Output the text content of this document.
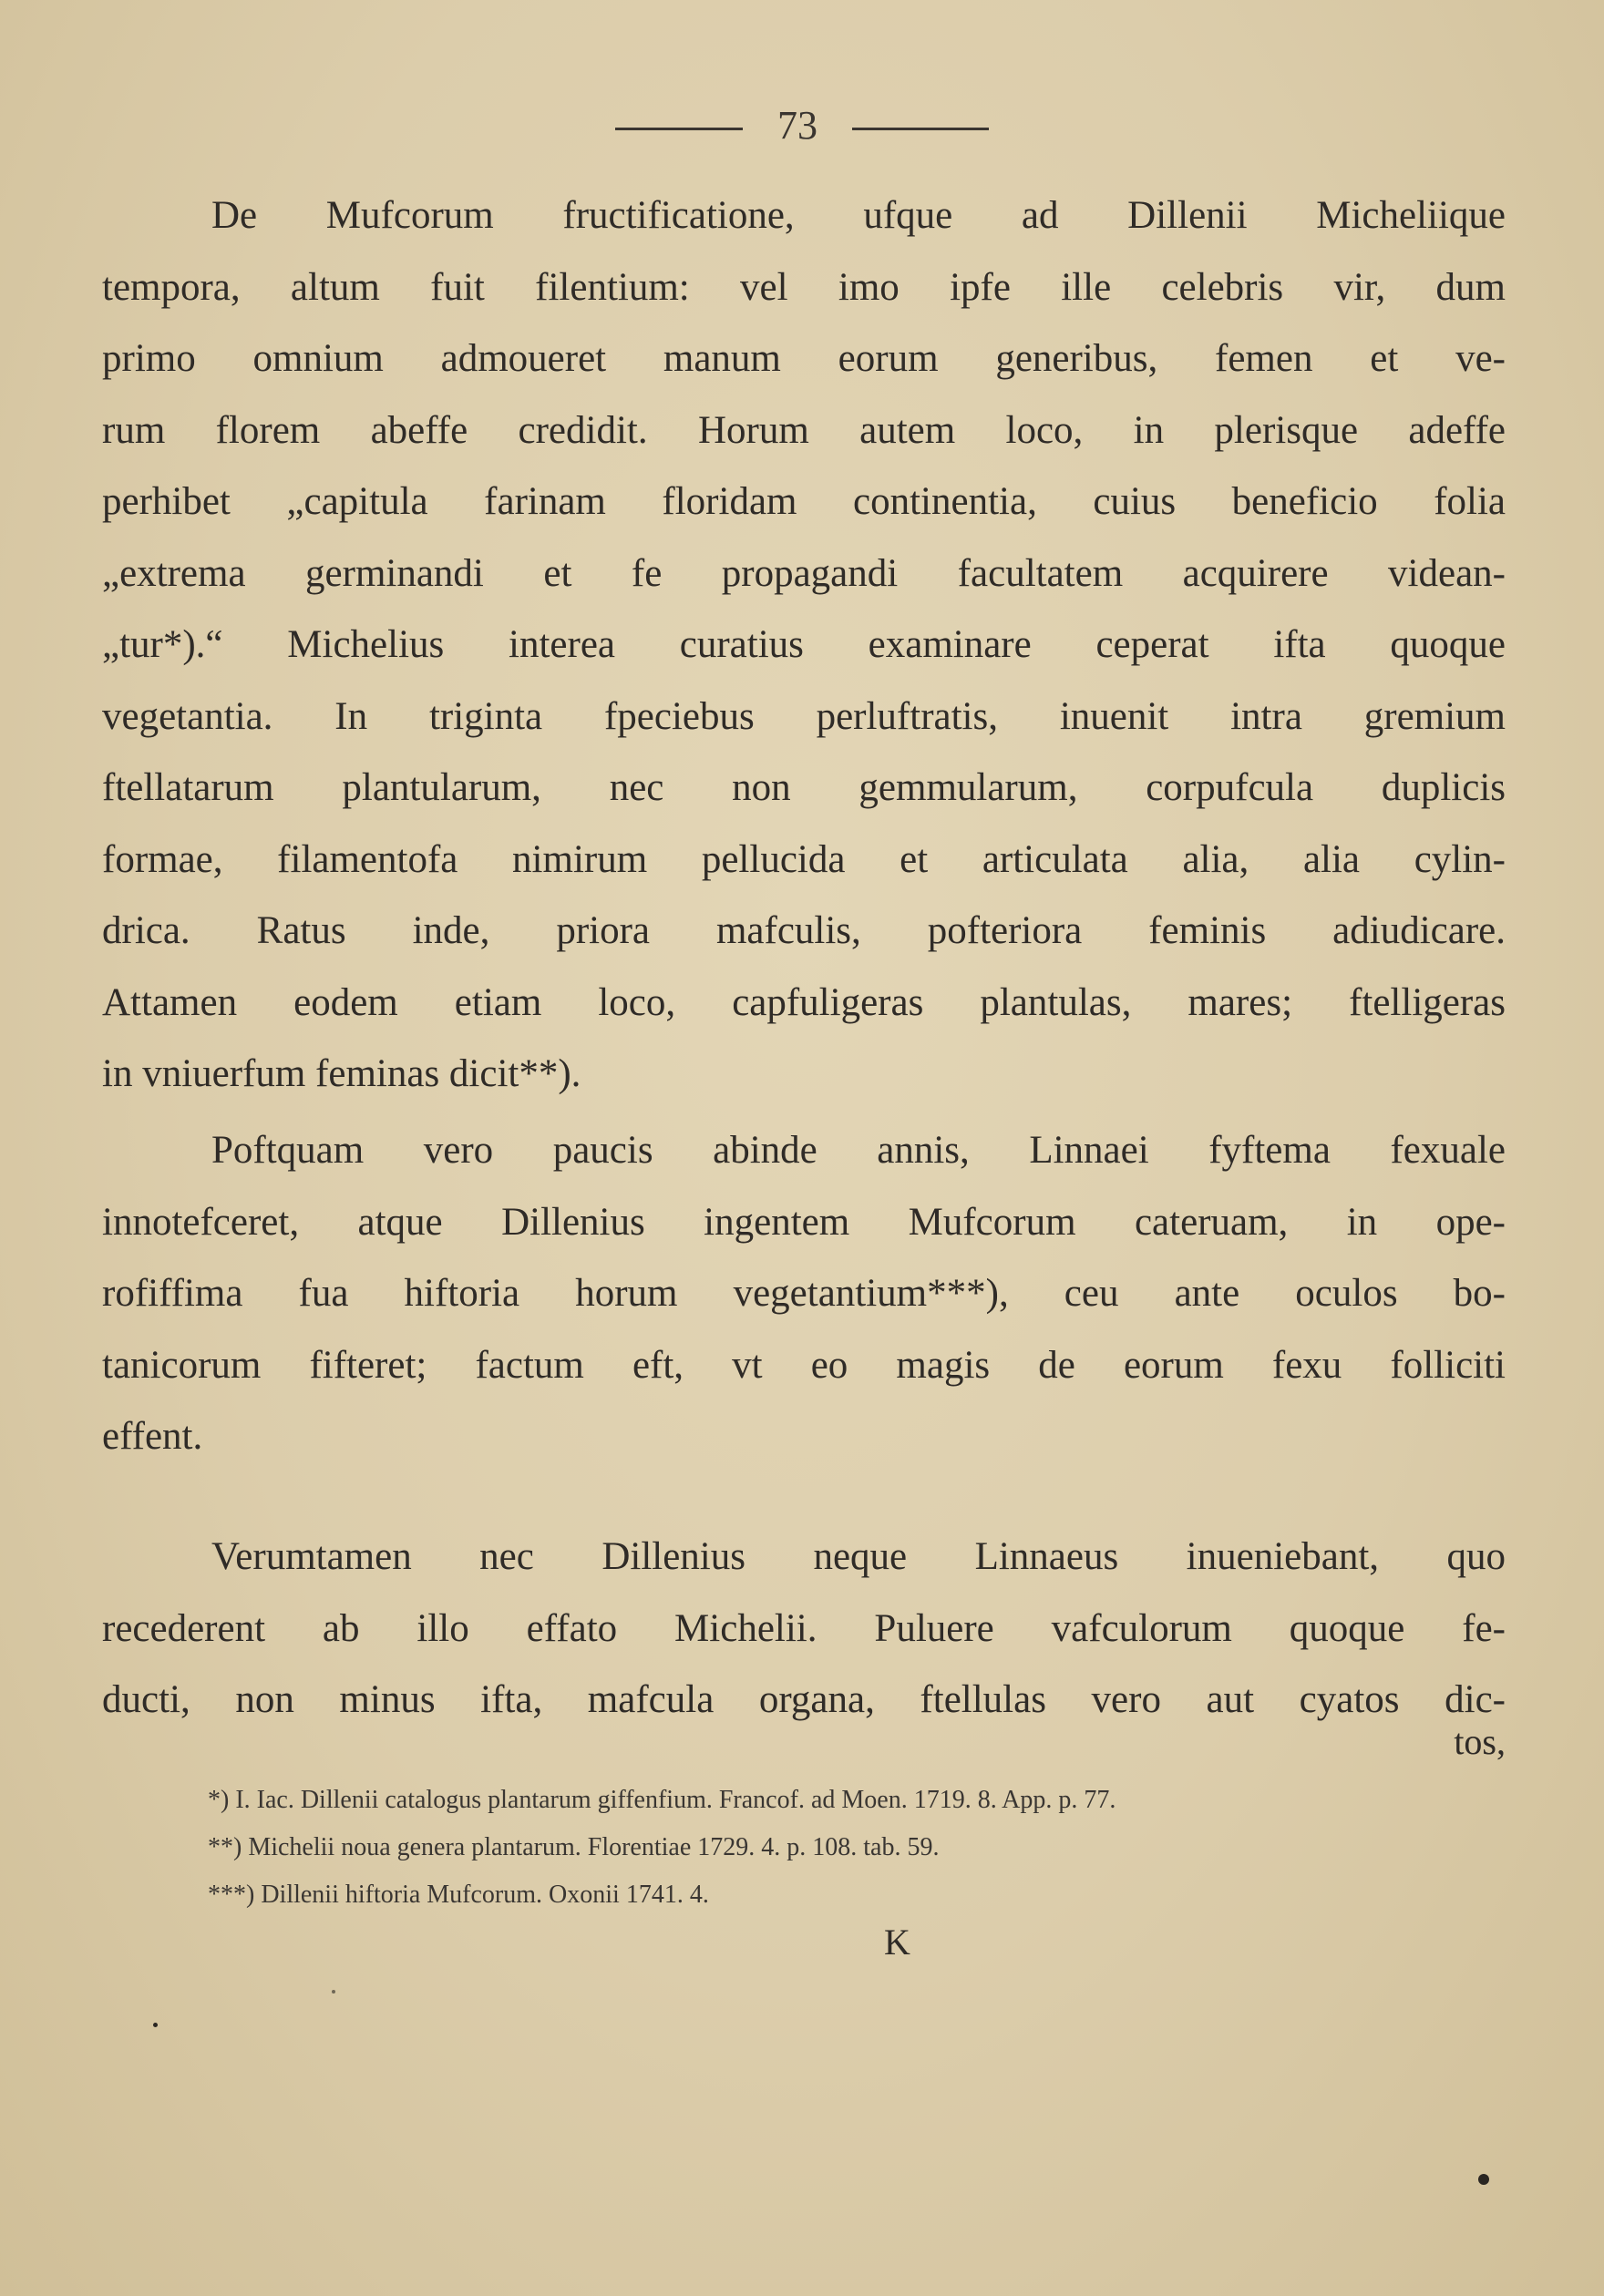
73
De Mufcorum fructificatione, ufque ad Dillenii Micheliique
tempora, altum fuit filentium: vel imo ipfe ille celebris vir, dum
primo omnium admoueret manum eorum generibus, femen et ve-
rum florem abeffe credidit. Horum autem loco, in plerisque adeffe
perhibet „capitula farinam floridam continentia, cuius beneficio folia
„extrema germinandi et fe propagandi facultatem acquirere videan-
„tur*).“ Michelius interea curatius examinare ceperat ifta quoque
vegetantia. In triginta fpeciebus perluftratis, inuenit intra gremium
ftellatarum plantularum, nec non gemmularum, corpufcula duplicis
formae, filamentofa nimirum pellucida et articulata alia, alia cylin-
drica. Ratus inde, priora mafculis, pofteriora feminis adiudicare.
Attamen eodem etiam loco, capfuligeras plantulas, mares; ftelligeras
in vniuerfum feminas dicit**).
Poftquam vero paucis abinde annis, Linnaei fyftema fexuale
innotefceret, atque Dillenius ingentem Mufcorum cateruam, in ope-
rofiffima fua hiftoria horum vegetantium***), ceu ante oculos bo-
tanicorum fifteret; factum eft, vt eo magis de eorum fexu folliciti
effent.
Verumtamen nec Dillenius neque Linnaeus inueniebant, quo
recederent ab illo effato Michelii. Puluere vafculorum quoque fe-
ducti, non minus ifta, mafcula organa, ftellulas vero aut cyatos dic-
tos,
*) I. Iac. Dillenii catalogus plantarum giffenfium. Francof. ad Moen. 1719. 8. App. p. 77.
**) Michelii noua genera plantarum. Florentiae 1729. 4. p. 108. tab. 59.
***) Dillenii hiftoria Mufcorum. Oxonii 1741. 4.
K
